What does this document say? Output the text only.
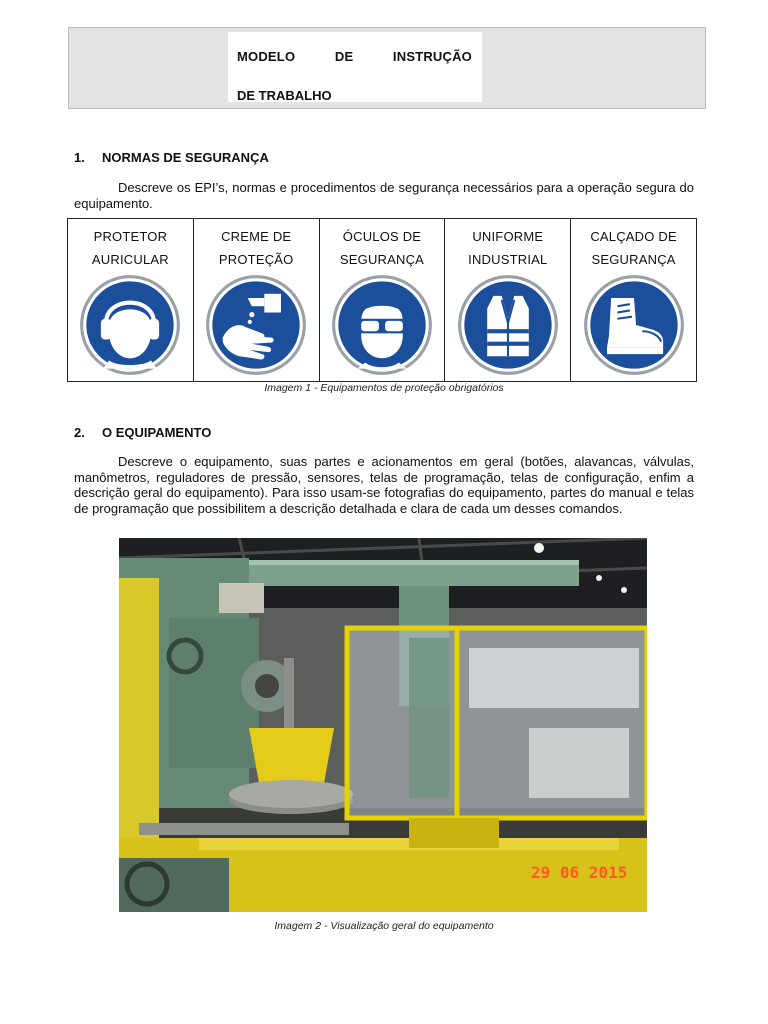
MODELO	DE	INSTRUÇÃO
DE TRABALHO
1. NORMAS DE SEGURANÇA
Descreve os EPI’s, normas e procedimentos de segurança necessários para a operação segura do equipamento.
PROTETOR
AURICULAR
CREME DE
PROTEÇÃO
ÓCULOS DE
SEGURANÇA
UNIFORME
INDUSTRIAL
CALÇADO DE
SEGURANÇA
Imagem 1 - Equipamentos de proteção obrigatórios
2. O EQUIPAMENTO
Descreve o equipamento, suas partes e acionamentos em geral (botões, alavancas, válvulas, manômetros, reguladores de pressão, sensores, telas de programação, telas de configuração, enfim a descrição geral do equipamento). Para isso usam-se fotografias do equipamento, partes do manual e telas de programação que possibilitem a descrição detalhada e clara de cada um desses comandos.
29 06 2015
Imagem 2 - Visualização geral do equipamento
